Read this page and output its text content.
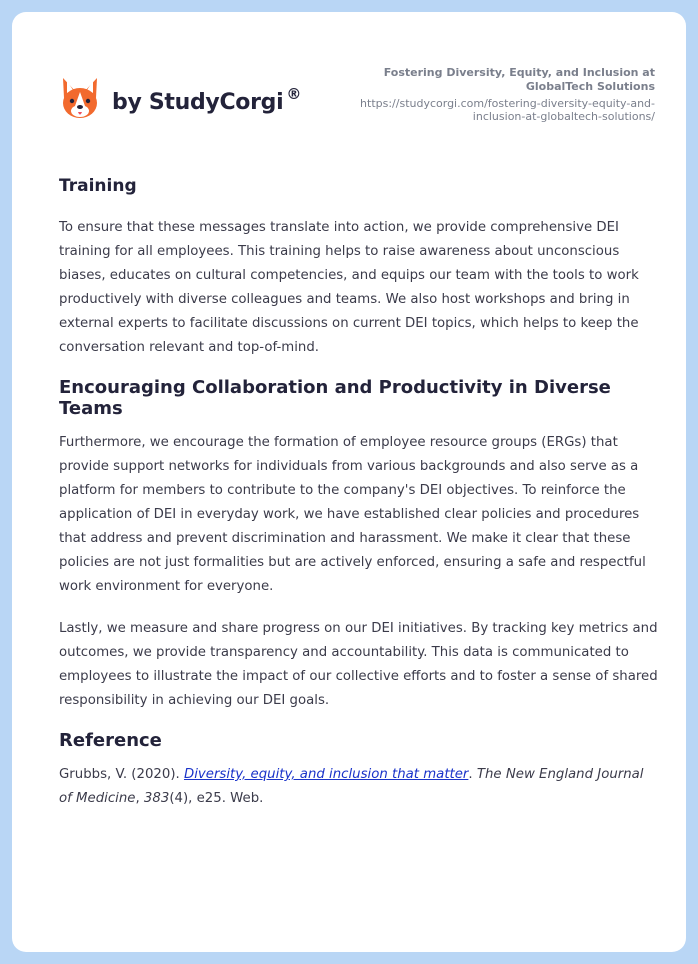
by StudyCorgi ®
Fostering Diversity, Equity, and Inclusion at GlobalTech Solutions
https://studycorgi.com/fostering-diversity-equity-and-inclusion-at-globaltech-solutions/
Training

To ensure that these messages translate into action, we provide comprehensive DEI training for all employees. This training helps to raise awareness about unconscious biases, educates on cultural competencies, and equips our team with the tools to work productively with diverse colleagues and teams. We also host workshops and bring in external experts to facilitate discussions on current DEI topics, which helps to keep the conversation relevant and top-of-mind.

Encouraging Collaboration and Productivity in Diverse Teams

Furthermore, we encourage the formation of employee resource groups (ERGs) that provide support networks for individuals from various backgrounds and also serve as a platform for members to contribute to the company's DEI objectives. To reinforce the application of DEI in everyday work, we have established clear policies and procedures that address and prevent discrimination and harassment. We make it clear that these policies are not just formalities but are actively enforced, ensuring a safe and respectful work environment for everyone.

Lastly, we measure and share progress on our DEI initiatives. By tracking key metrics and outcomes, we provide transparency and accountability. This data is communicated to employees to illustrate the impact of our collective efforts and to foster a sense of shared responsibility in achieving our DEI goals.

Reference

Grubbs, V. (2020). Diversity, equity, and inclusion that matter. The New England Journal of Medicine, 383(4), e25. Web.
